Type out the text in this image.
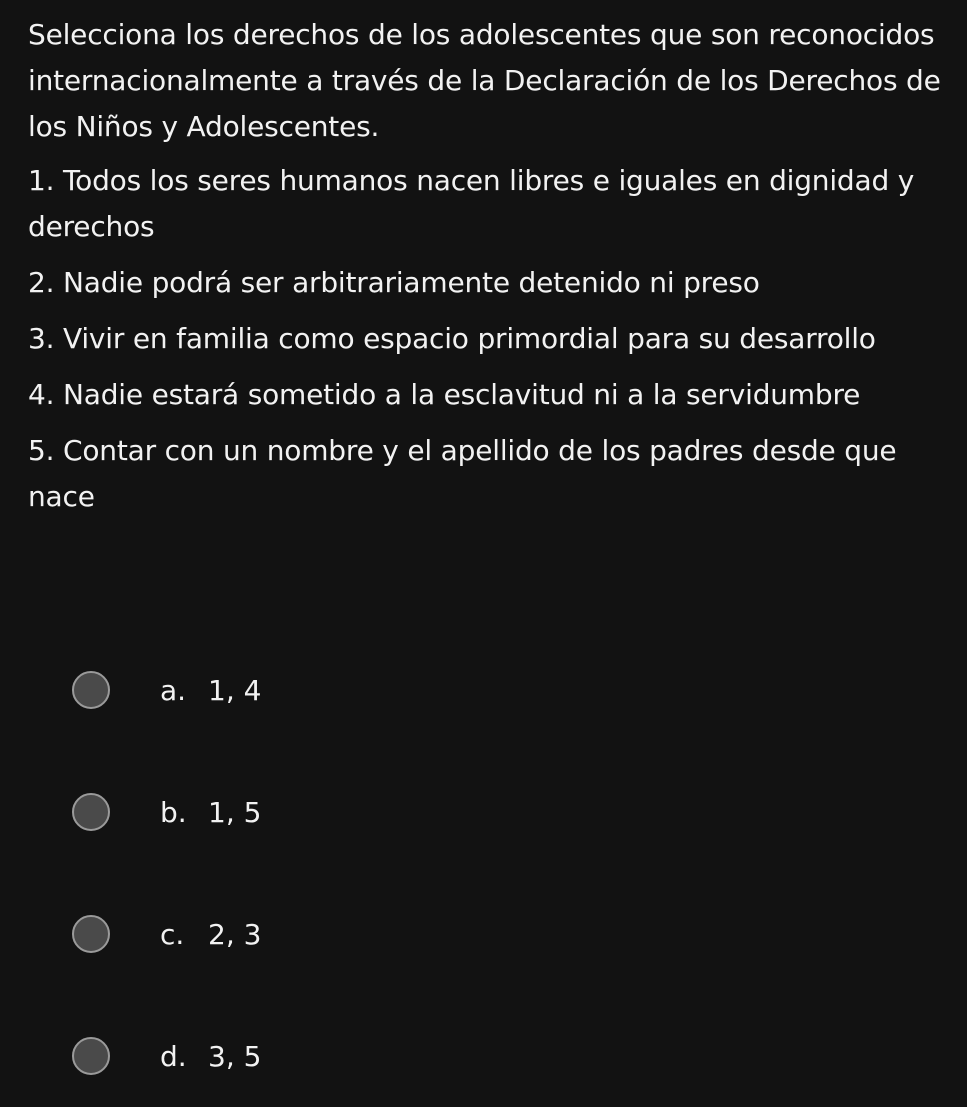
Selecciona los derechos de los adolescentes que son reconocidos internacionalmente a través de la Declaración de los Derechos de los Niños y Adolescentes.

1. Todos los seres humanos nacen libres e iguales en dignidad y derechos

2. Nadie podrá ser arbitrariamente detenido ni preso

3. Vivir en familia como espacio primordial para su desarrollo

4. Nadie estará sometido a la esclavitud ni a la servidumbre

5. Contar con un nombre y el apellido de los padres desde que nace

a. 1, 4
b. 1, 5
c. 2, 3
d. 3, 5
